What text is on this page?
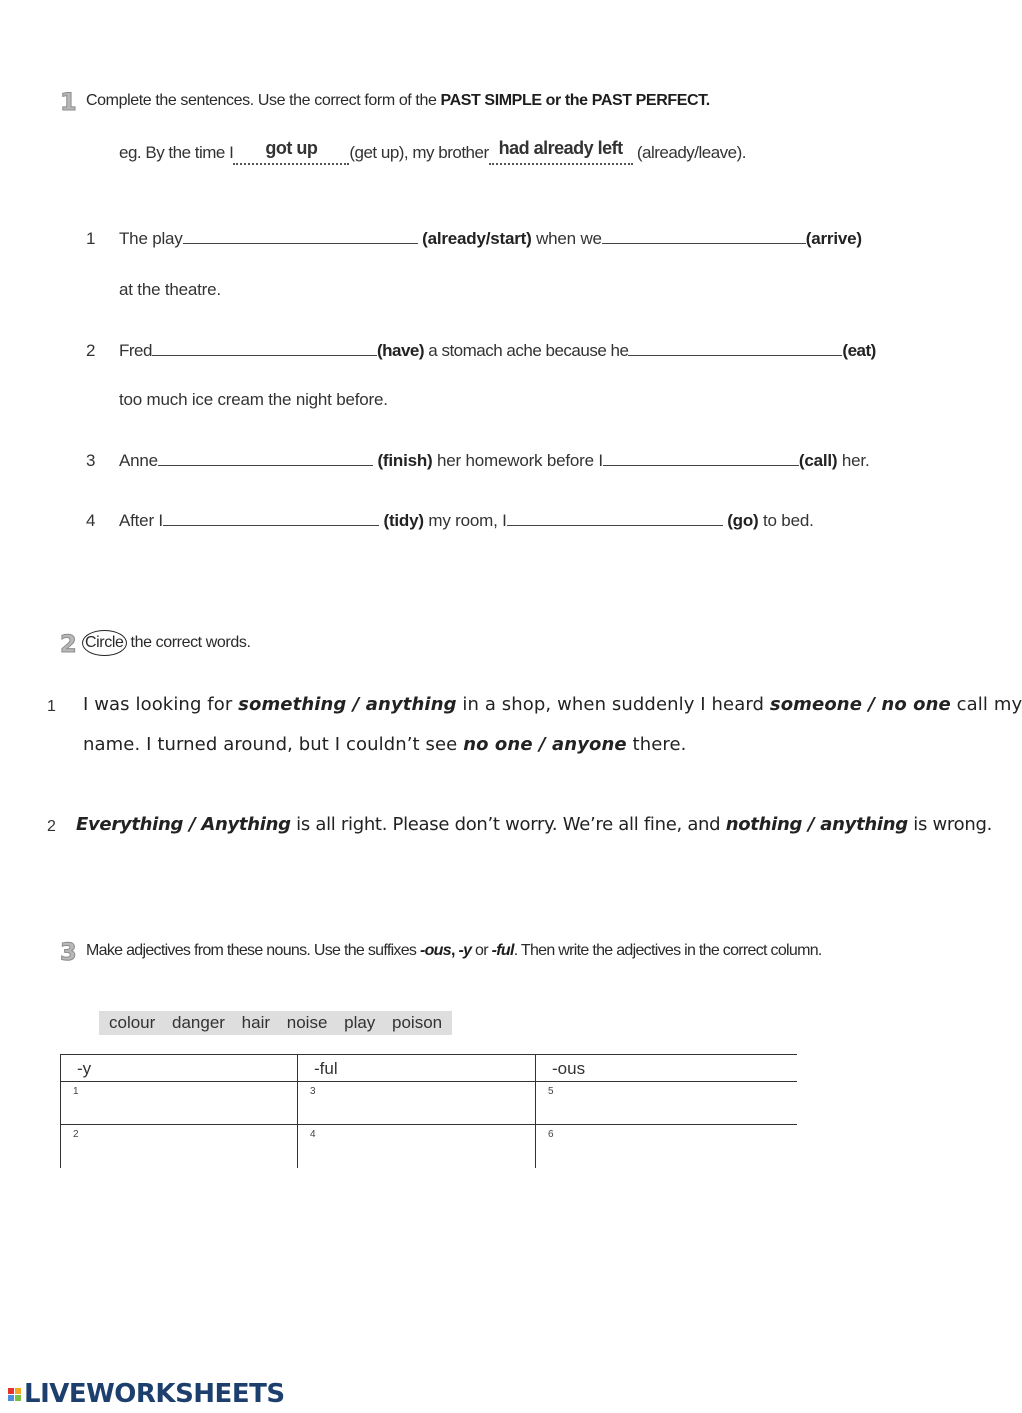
1 Complete the sentences. Use the correct form of the PAST SIMPLE or the PAST PERFECT.
eg. By the time I got up (get up), my brother had already left (already/leave).
1 The play	(already/start) when we	(arrive)
at the theatre.
2 Fred	(have) a stomach ache because he	(eat)
too much ice cream the night before.
3 Anne	(finish) her homework before I	(call) her.
4 After I	(tidy) my room, I	(go) to bed.
2 Circle the correct words.
1 I was looking for something / anything in a shop, when suddenly I heard someone / no one call my
name. I turned around, but I couldn’t see no one / anyone there.
2 Everything / Anything is all right. Please don’t worry. We’re all fine, and nothing / anything is wrong.
3 Make adjectives from these nouns. Use the suffixes -ous, -y or -ful. Then write the adjectives in the correct column.
colour danger hair noise play poison
-y	-ful	-ous
1	3	5
2	4	6
LIVEWORKSHEETS
